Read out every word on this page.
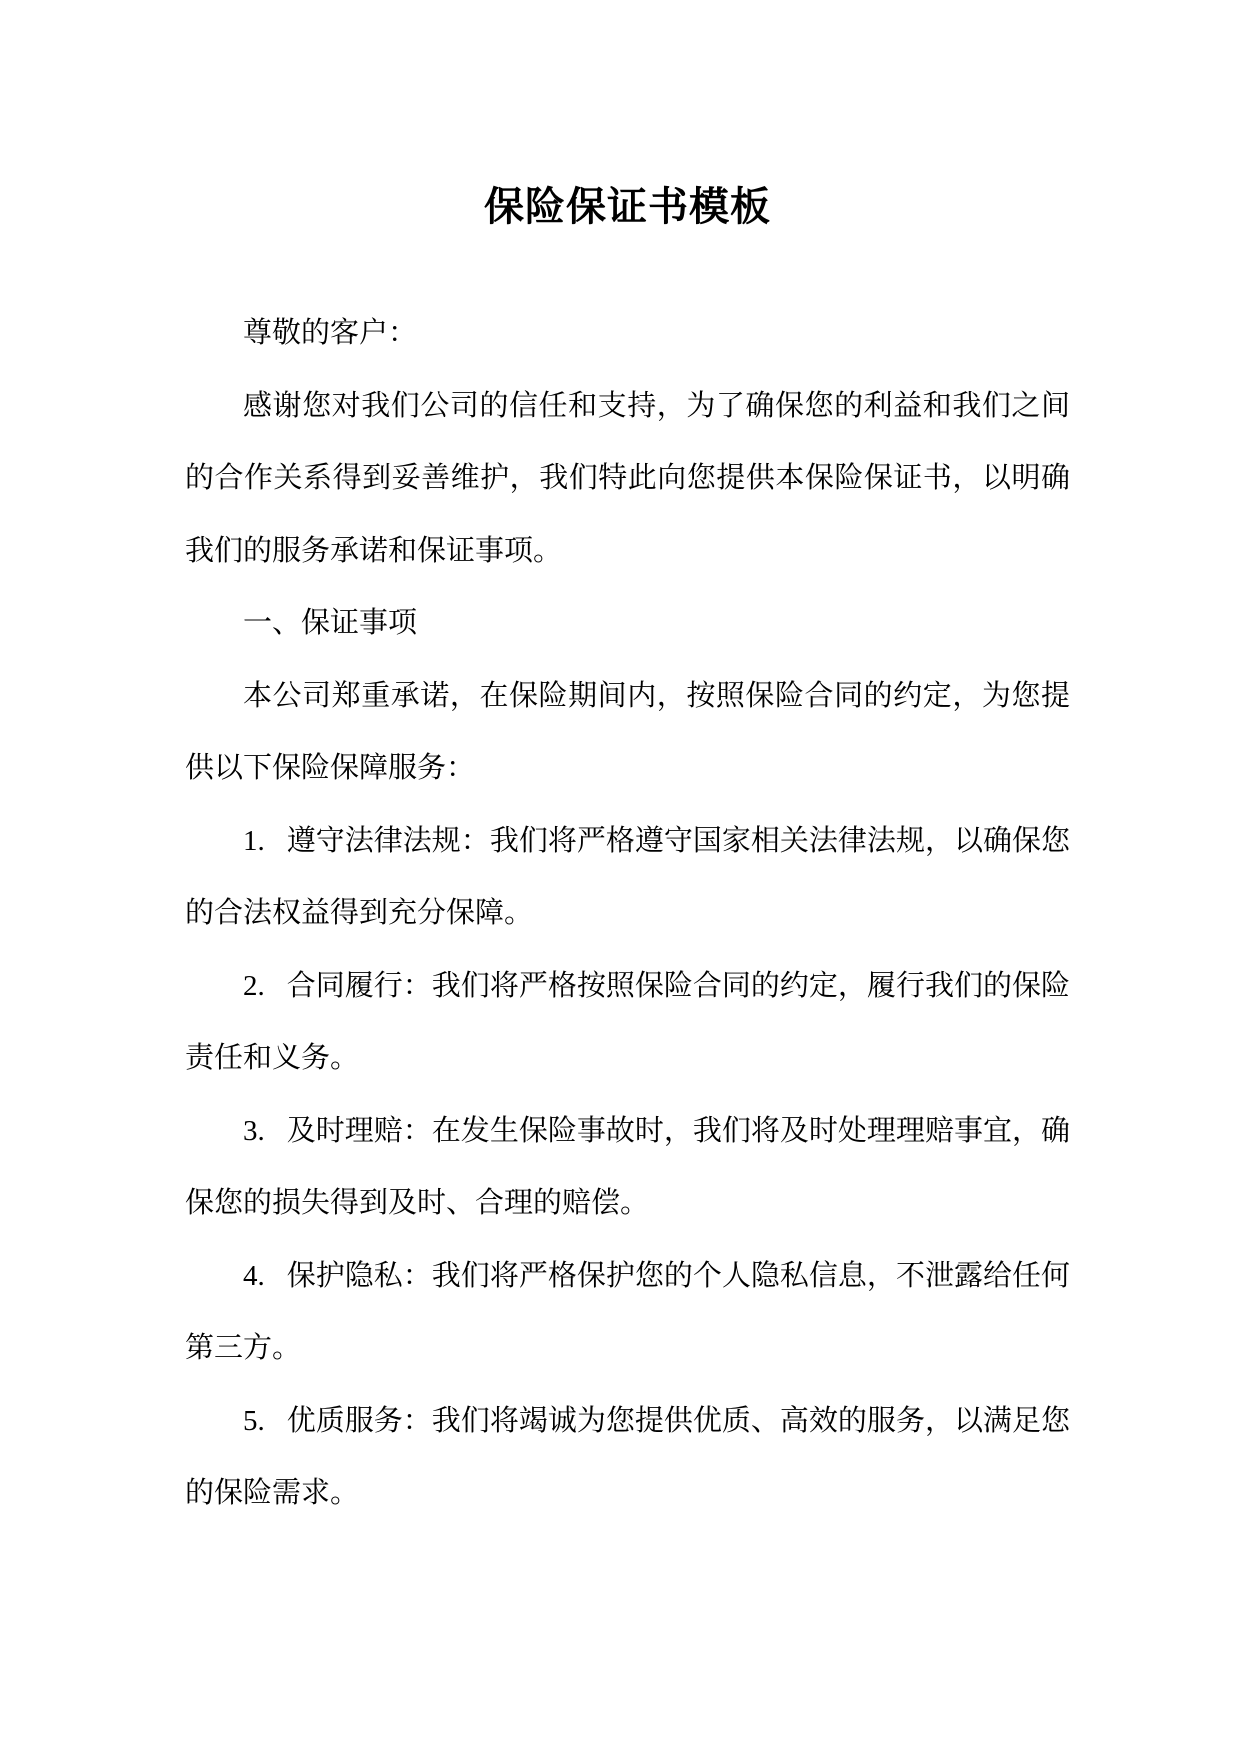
保险保证书模板

尊敬的客户：

感谢您对我们公司的信任和支持，为了确保您的利益和我们之间的合作关系得到妥善维护，我们特此向您提供本保险保证书，以明确我们的服务承诺和保证事项。

一、保证事项

本公司郑重承诺，在保险期间内，按照保险合同的约定，为您提供以下保险保障服务：

1. 遵守法律法规：我们将严格遵守国家相关法律法规，以确保您的合法权益得到充分保障。

2. 合同履行：我们将严格按照保险合同的约定，履行我们的保险责任和义务。

3. 及时理赔：在发生保险事故时，我们将及时处理理赔事宜，确保您的损失得到及时、合理的赔偿。

4. 保护隐私：我们将严格保护您的个人隐私信息，不泄露给任何第三方。

5. 优质服务：我们将竭诚为您提供优质、高效的服务，以满足您的保险需求。
